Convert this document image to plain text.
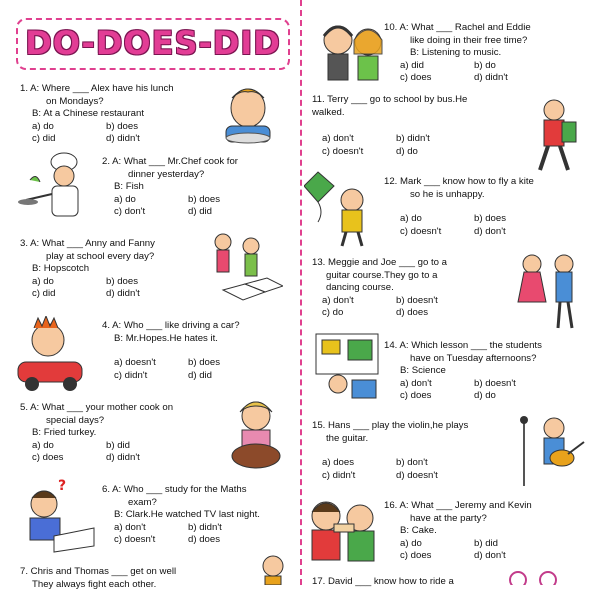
DO-DOES-DID
1. A: Where ___ Alex have his lunch
on Mondays?
B: At a Chinese restaurant
a) do	b) does
c) did	d) didn't
2. A: What ___ Mr.Chef cook for
dinner yesterday?
B: Fish
a) do	b) does
c) don't	d) did
3. A: What ___ Anny and Fanny
play at school every day?
B: Hopscotch
a) do	b) does
c) did	d) didn't
4. A: Who ___ like driving a car?
B: Mr.Hopes.He hates it.
a) doesn't	b) does
c) didn't	d) did
5. A: What ___ your mother cook on
special days?
B: Fried turkey.
a) do	b) did
c) does	d) didn't
6. A: Who ___ study for the Maths
exam?
B: Clark.He watched TV last night.
a) don't	b) didn't
c) doesn't	d) does
?
7. Chris and Thomas ___ get on well
They always fight each other.
10. A: What ___ Rachel and Eddie
like doing in their free time?
B: Listening to music.
a) did	b) do
c) does	d) didn't
11. Terry ___ go to school by bus.He
walked.
a) don't	b) didn't
c) doesn't	d) do
12. Mark ___ know how to fly a kite
so he is unhappy.
a) do	b) does
c) doesn't	d) don't
13. Meggie and Joe ___ go to a
guitar course.They go to a
dancing course.
a) don't	b) doesn't
c) do	d) does
14. A: Which lesson ___ the students
have on Tuesday afternoons?
B: Science
a) don't	b) doesn't
c) does	d) do
15. Hans ___ play the violin,he plays
the guitar.
a) does	b) don't
c) didn't	d) doesn't
16. A: What ___ Jeremy and Kevin
have at the party?
B: Cake.
a) do	b) did
c) does	d) don't
17. David ___ know how to ride a
